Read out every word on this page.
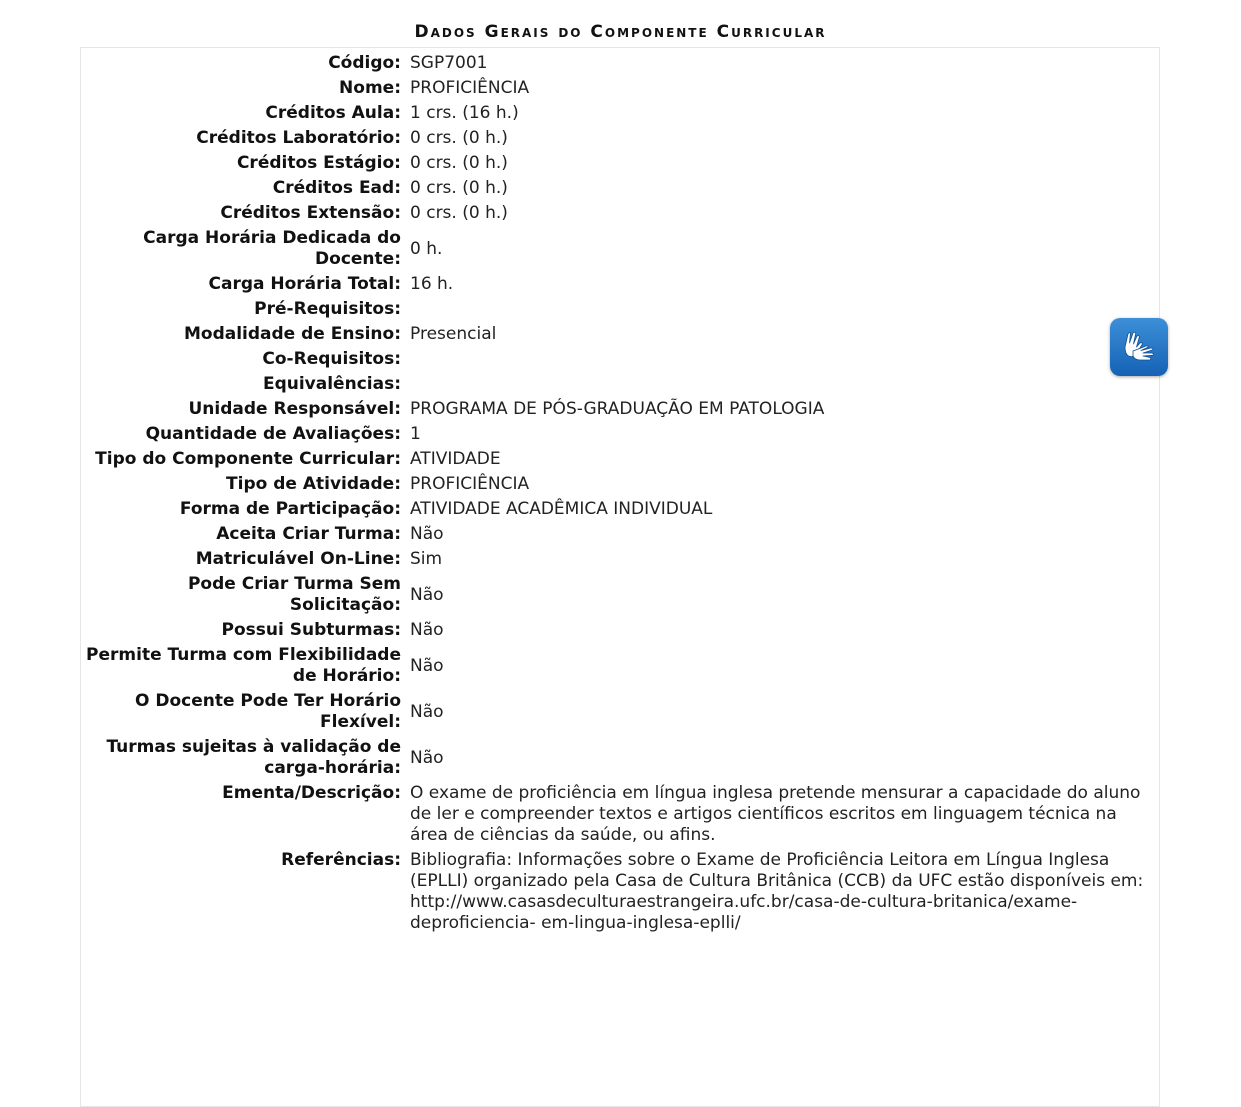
Dados Gerais do Componente Curricular
Código: SGP7001
Nome: PROFICIÊNCIA
Créditos Aula: 1 crs. (16 h.)
Créditos Laboratório: 0 crs. (0 h.)
Créditos Estágio: 0 crs. (0 h.)
Créditos Ead: 0 crs. (0 h.)
Créditos Extensão: 0 crs. (0 h.)
Carga Horária Dedicada do Docente:
0 h.
Carga Horária Total: 16 h.
Pré-Requisitos:
Modalidade de Ensino: Presencial
Co-Requisitos:
Equivalências:
Unidade Responsável: PROGRAMA DE PÓS-GRADUAÇÃO EM PATOLOGIA
Quantidade de Avaliações: 1
Tipo do Componente Curricular: ATIVIDADE
Tipo de Atividade: PROFICIÊNCIA
Forma de Participação: ATIVIDADE ACADÊMICA INDIVIDUAL
Aceita Criar Turma: Não
Matriculável On-Line: Sim
Pode Criar Turma Sem Solicitação:
Não
Possui Subturmas: Não
Permite Turma com Flexibilidade de Horário:
Não
O Docente Pode Ter Horário Flexível:
Não
Turmas sujeitas à validação de carga-horária:
Não
Ementa/Descrição: O exame de proficiência em língua inglesa pretende mensurar a capacidade do aluno de ler e compreender textos e artigos científicos escritos em linguagem técnica na área de ciências da saúde, ou afins.
Referências: Bibliografia: Informações sobre o Exame de Proficiência Leitora em Língua Inglesa (EPLLI) organizado pela Casa de Cultura Britânica (CCB) da UFC estão disponíveis em: http://www.casasdeculturaestrangeira.ufc.br/casa-de-cultura-britanica/exame-deproficiencia- em-lingua-inglesa-eplli/
